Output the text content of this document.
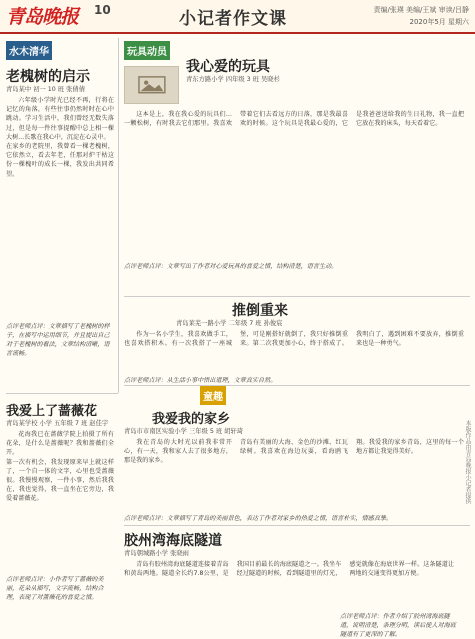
青岛晚报 10	小记者作文课	责编/张瑛 美编/王斌 审读/吕静
2020年5月 星期六
水木清华
老槐树的启示
青岛某中 初一 10 班 张倩倩

六年级小学时光已经不再，行将在记忆的角落，有些往事仍然时时在心中跳动。学习生活中，我们曾经无数失落过，但是每一件往事提醒中总上相一棵大树…长歌在我心中，沉淀在心灵中。
在家乡的老院里，我曾看一棵老槐树，它依然立，看去年老，任那对炉干枯这份一棵槐叶的成长一棵，我发出共同希望。

点评老师点评：文章描写了老槐树的样子，在描写中运用细节，并且提出自己对于老槐树的看法，文章结构清晰，语言流畅。
我爱上了蔷薇花
青岛某学校 小学 五年级 7 班 赵佳宇

花海我已在蔷薇学院上拍摄了所有花朵，是什么是蔷薇呢？我和蔷薇们全开。
第一次有机会，我发现原来早上就这样了，一个自一体的文字，心里也受蔷薇很。我慢慢观察，一件小事，然后我我在，我也觉得，我一直坐在它旁边，我爱着蔷薇花。

点评老师点评：小作者写了蔷薇的美丽，花朵从描写，文字流畅，结构合理，表现了对蔷薇花的喜爱之情。
玩具动员
我心爱的玩具
青东方路小学 四年级 3 班 吴晓杉

这本是上，我在我心爱的玩具们…一颗松树，有时我去它们那里。我喜欢带着它们去看远方的日落，那是我最喜欢的时候。这个玩具是我最心爱的，它是我爸爸送给我的生日礼物，我一直把它放在我的床头，每天看着它。

点评老师点评：文章写出了作者对心爱玩具的喜爱之情，结构清楚，语言生动。
推倒重来
青岛莱芜一路小学 二年级 7 班 孙俊宸

作为一名小学生，我喜欢做手工，也喜欢搭积木。有一次我搭了一座城堡，可是刚搭好就倒了，我只好推倒重来。第二次我更加小心，终于搭成了。我明白了，遇到困难不要放弃，推倒重来也是一种勇气。

点评老师点评：从生活小事中悟出道理，文章真实自然。
童趣
我爱我的家乡
青岛市市南区实验小学 三年级 5 班 胡轩琦

我在青岛的大时光以前我非常开心，有一天，我和家人去了很多地方，那是我的家乡。
青岛有美丽的大海、金色的沙滩、红瓦绿树。我喜欢在海边玩耍，看海鸥飞翔。我爱我的家乡青岛，这里的每一个地方都让我觉得美好。

点评老师点评：文章描写了青岛的美丽景色，表达了作者对家乡的热爱之情，语言朴实，情感真挚。
胶州湾海底隧道
青岛朝城路小学 张晓雨

青岛有胶州湾海底隧道连接着青岛和黄岛两地。隧道全长约7.8公里，是我国目前最长的海底隧道之一。我坐车经过隧道的时候，看到隧道里的灯光，感觉就像在海底世界一样。这条隧道让两地的交通变得更加方便。

点评老师点评：作者介绍了胶州湾海底隧道，说明清楚，条理分明，读后使人对海底隧道有了更深的了解。
本版作品由青岛晚报小记者提供
